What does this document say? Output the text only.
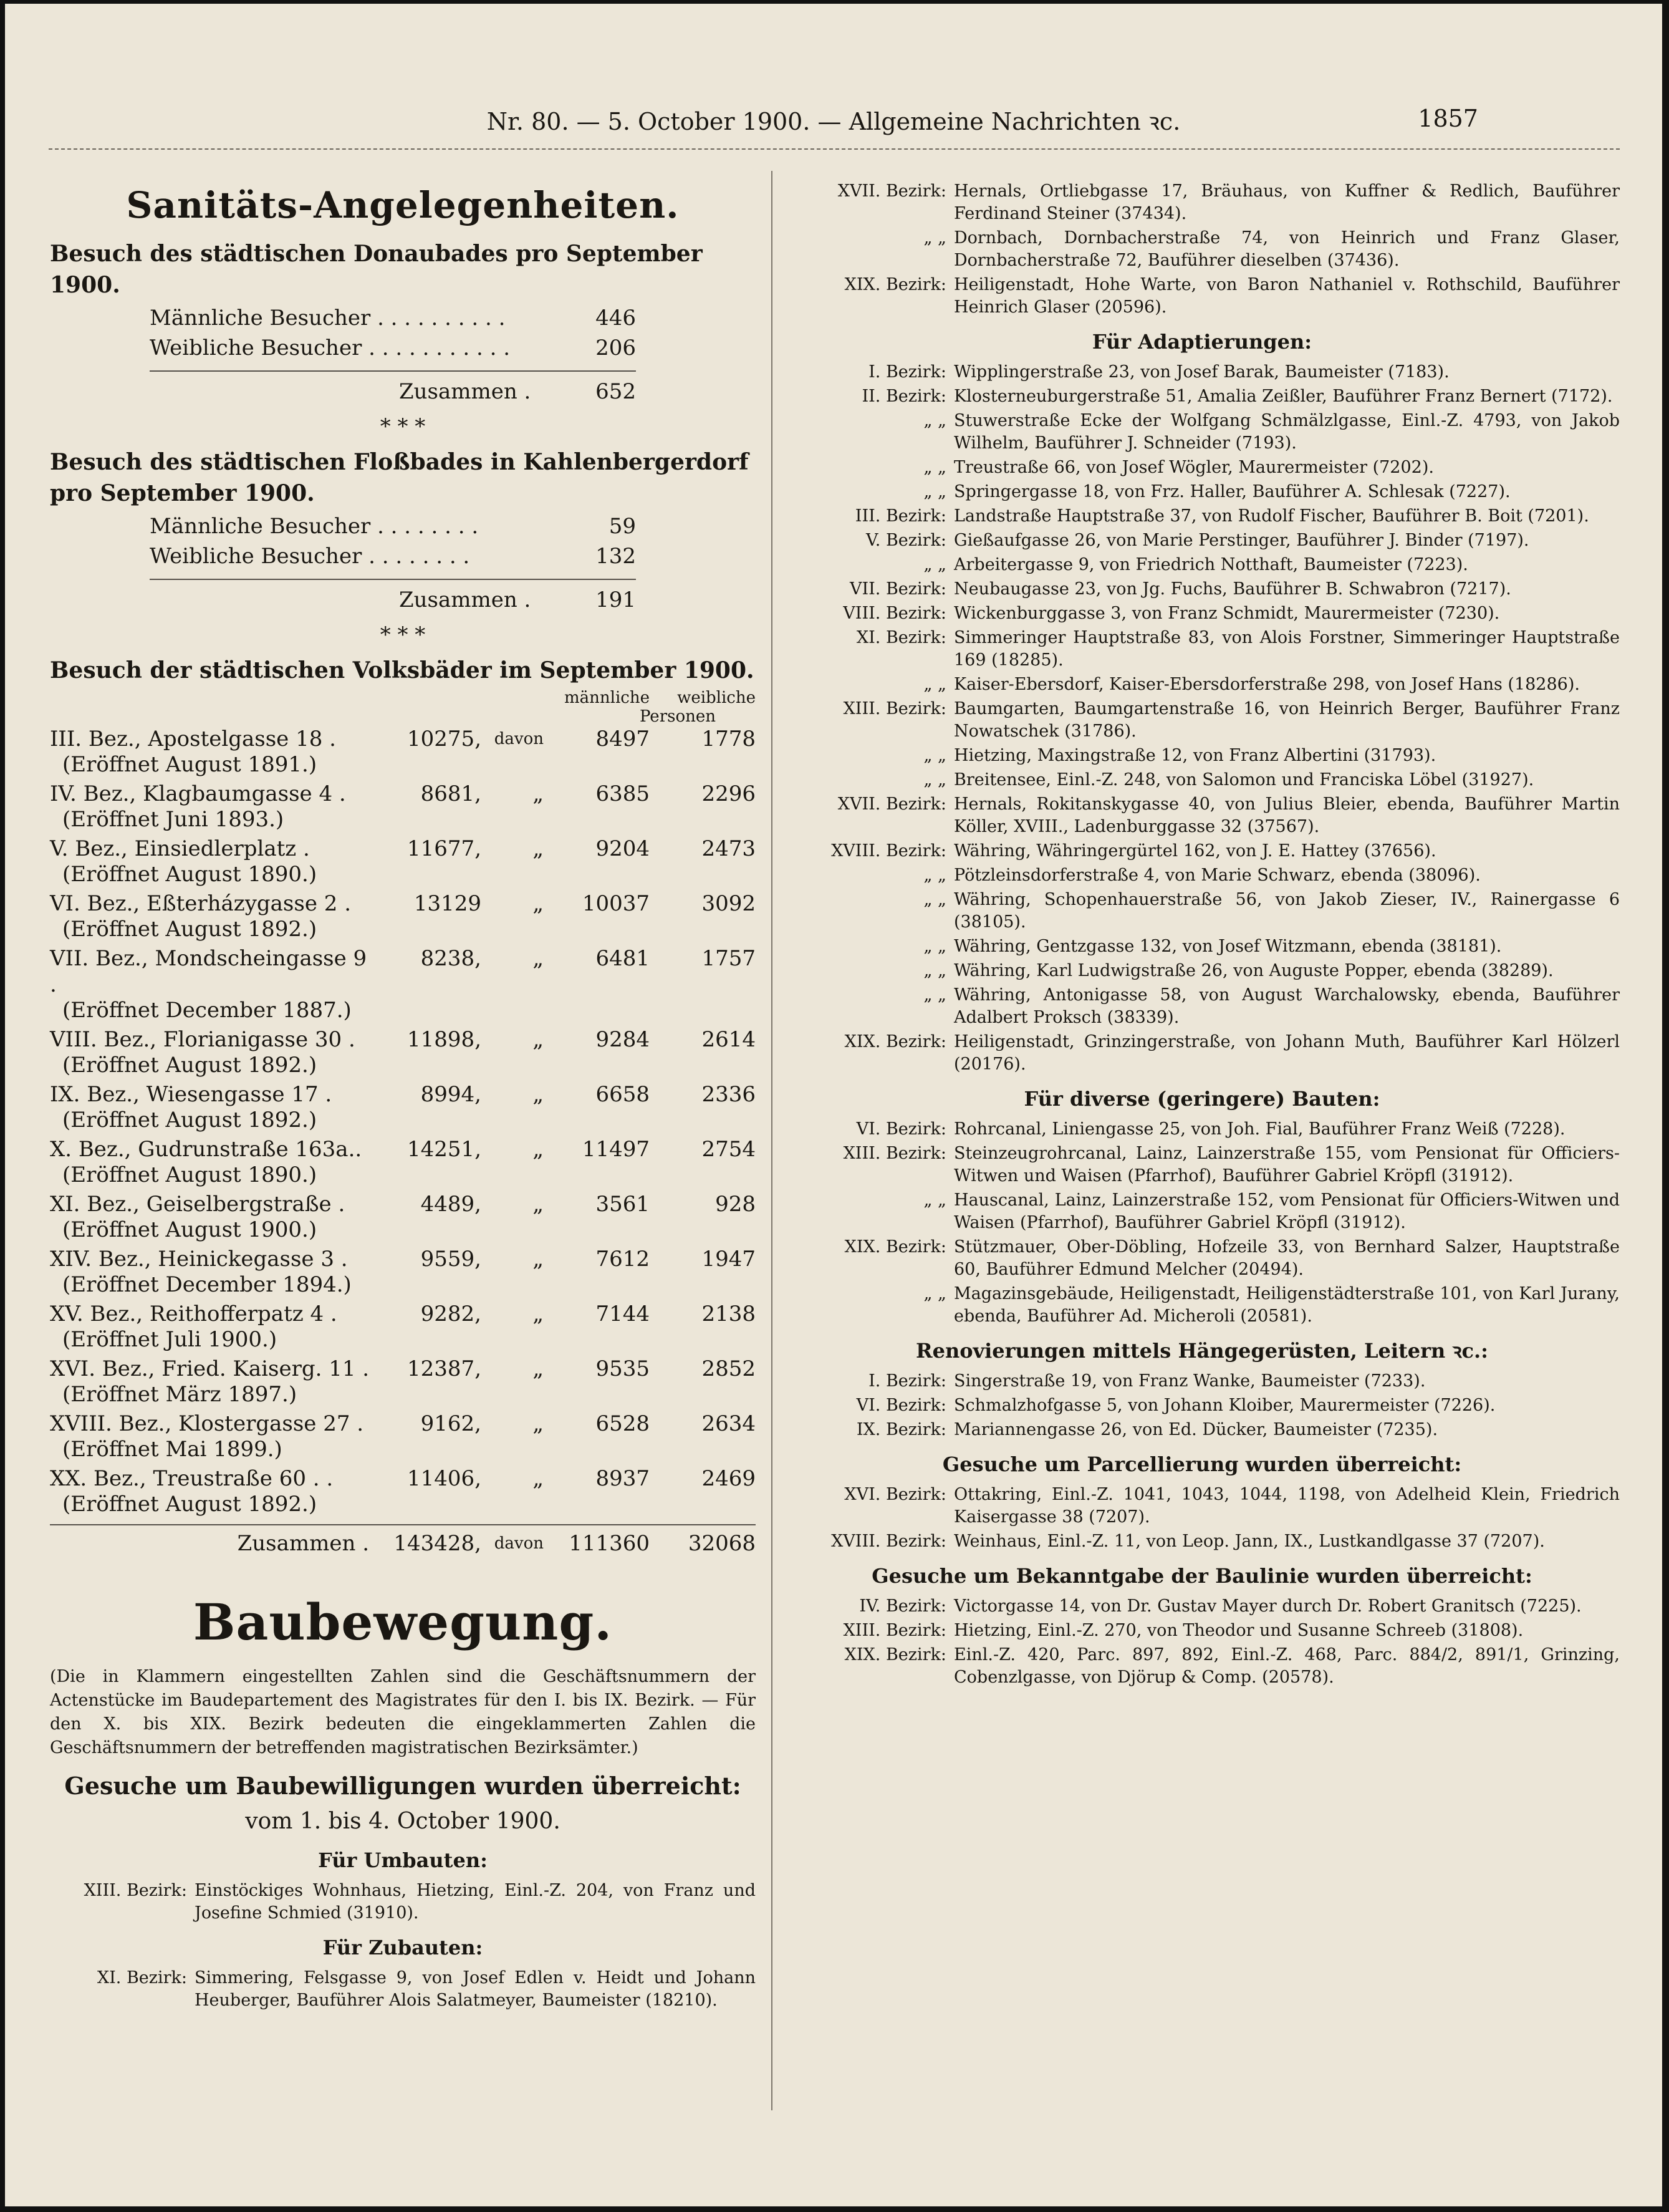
Nr. 80. — 5. October 1900. — Allgemeine Nachrichten ꝛc.	1857
Sanitäts-Angelegenheiten.
Besuch des städtischen Donaubades pro September 1900.
Männliche Besucher . . . . . . . . . .	446
Weibliche Besucher . . . . . . . . . . .	206
Zusammen .	652
* * *
Besuch des städtischen Floßbades in Kahlenbergerdorf pro September 1900.
Männliche Besucher . . . . . . . .	59
Weibliche Besucher . . . . . . . .	132
Zusammen .	191
* * *
Besuch der städtischen Volksbäder im September 1900.
männliche	weibliche
Personen
III. Bez., Apostelgasse 18 .	10275, davon	8497	1778
(Eröffnet August 1891.)
IV. Bez., Klagbaumgasse 4 .	8681,	„	6385	2296
(Eröffnet Juni 1893.)
V. Bez., Einsiedlerplatz .	11677,	„	9204	2473
(Eröffnet August 1890.)
VI. Bez., Eßterházygasse 2 .	13129	„	10037	3092
(Eröffnet August 1892.)
VII. Bez., Mondscheingasse 9 .
8238,	„	6481	1757
(Eröffnet December 1887.)
VIII. Bez., Florianigasse 30 .	11898,	„	9284	2614
(Eröffnet August 1892.)
IX. Bez., Wiesengasse 17 .	8994,	„	6658	2336
(Eröffnet August 1892.)
X. Bez., Gudrunstraße 163a..	14251,	„	11497	2754
(Eröffnet August 1890.)
XI. Bez., Geiselbergstraße .	4489,	„	3561	928
(Eröffnet August 1900.)
XIV. Bez., Heinickegasse 3 .	9559,	„	7612	1947
(Eröffnet December 1894.)
XV. Bez., Reithofferpatz 4 .	9282,	„	7144	2138
(Eröffnet Juli 1900.)
XVI. Bez., Fried. Kaiserg. 11 .	12387,	„	9535	2852
(Eröffnet März 1897.)
XVIII. Bez., Klostergasse 27 .	9162,	„	6528	2634
(Eröffnet Mai 1899.)
XX. Bez., Treustraße 60 . .	11406,	„	8937	2469
(Eröffnet August 1892.)
Zusammen .	143428, davon	111360	32068
Baubewegung.
(Die in Klammern eingestellten Zahlen sind die Geschäftsnummern der Actenstücke im Baudepartement des Magistrates für den I. bis IX. Bezirk. — Für den X. bis XIX. Bezirk bedeuten die eingeklammerten Zahlen die Geschäftsnummern der betreffenden magistratischen Bezirksämter.)
Gesuche um Baubewilligungen wurden überreicht:
vom 1. bis 4. October 1900.
Für Umbauten:
XIII. Bezirk: Einstöckiges Wohnhaus, Hietzing, Einl.-Z. 204, von Franz und Josefine Schmied (31910).
Für Zubauten:
XI. Bezirk: Simmering, Felsgasse 9, von Josef Edlen v. Heidt und Johann Heuberger, Bauführer Alois Salatmeyer, Baumeister (18210).
XVII. Bezirk: Hernals, Ortliebgasse 17, Bräuhaus, von Kuffner & Redlich, Bauführer Ferdinand Steiner (37434).
„ „ Dornbach, Dornbacherstraße 74, von Heinrich und Franz Glaser, Dornbacherstraße 72, Bauführer dieselben (37436).
XIX. Bezirk: Heiligenstadt, Hohe Warte, von Baron Nathaniel v. Rothschild, Bauführer Heinrich Glaser (20596).
Für Adaptierungen:
I. Bezirk: Wipplingerstraße 23, von Josef Barak, Baumeister (7183).
II. Bezirk: Klosterneuburgerstraße 51, Amalia Zeißler, Bauführer Franz Bernert (7172).
„ „ Stuwerstraße Ecke der Wolfgang Schmälzlgasse, Einl.-Z. 4793, von Jakob Wilhelm, Bauführer J. Schneider (7193).
„ „ Treustraße 66, von Josef Wögler, Maurermeister (7202).
„ „ Springergasse 18, von Frz. Haller, Bauführer A. Schlesak (7227).
III. Bezirk: Landstraße Hauptstraße 37, von Rudolf Fischer, Bauführer B. Boit (7201).
V. Bezirk: Gießaufgasse 26, von Marie Perstinger, Bauführer J. Binder (7197).
„ „ Arbeitergasse 9, von Friedrich Notthaft, Baumeister (7223).
VII. Bezirk: Neubaugasse 23, von Jg. Fuchs, Bauführer B. Schwabron (7217).
VIII. Bezirk: Wickenburggasse 3, von Franz Schmidt, Maurermeister (7230).
XI. Bezirk: Simmeringer Hauptstraße 83, von Alois Forstner, Simmeringer Hauptstraße 169 (18285).
„ „ Kaiser-Ebersdorf, Kaiser-Ebersdorferstraße 298, von Josef Hans (18286).
XIII. Bezirk: Baumgarten, Baumgartenstraße 16, von Heinrich Berger, Bauführer Franz Nowatschek (31786).
„ „ Hietzing, Maxingstraße 12, von Franz Albertini (31793).
„ „ Breitensee, Einl.-Z. 248, von Salomon und Franciska Löbel (31927).
XVII. Bezirk: Hernals, Rokitanskygasse 40, von Julius Bleier, ebenda, Bauführer Martin Köller, XVIII., Ladenburggasse 32 (37567).
XVIII. Bezirk: Währing, Währingergürtel 162, von J. E. Hattey (37656).
„ „ Pötzleinsdorferstraße 4, von Marie Schwarz, ebenda (38096).
„ „ Währing, Schopenhauerstraße 56, von Jakob Zieser, IV., Rainergasse 6 (38105).
„ „ Währing, Gentzgasse 132, von Josef Witzmann, ebenda (38181).
„ „ Währing, Karl Ludwigstraße 26, von Auguste Popper, ebenda (38289).
„ „ Währing, Antonigasse 58, von August Warchalowsky, ebenda, Bauführer Adalbert Proksch (38339).
XIX. Bezirk: Heiligenstadt, Grinzingerstraße, von Johann Muth, Bauführer Karl Hölzerl (20176).
Für diverse (geringere) Bauten:
VI. Bezirk: Rohrcanal, Liniengasse 25, von Joh. Fial, Bauführer Franz Weiß (7228).
XIII. Bezirk: Steinzeugrohrcanal, Lainz, Lainzerstraße 155, vom Pensionat für Officiers-Witwen und Waisen (Pfarrhof), Bauführer Gabriel Kröpfl (31912).
„ „ Hauscanal, Lainz, Lainzerstraße 152, vom Pensionat für Officiers-Witwen und Waisen (Pfarrhof), Bauführer Gabriel Kröpfl (31912).
XIX. Bezirk: Stützmauer, Ober-Döbling, Hofzeile 33, von Bernhard Salzer, Hauptstraße 60, Bauführer Edmund Melcher (20494).
„ „ Magazinsgebäude, Heiligenstadt, Heiligenstädterstraße 101, von Karl Jurany, ebenda, Bauführer Ad. Micheroli (20581).
Renovierungen mittels Hängegerüsten, Leitern ꝛc.:
I. Bezirk: Singerstraße 19, von Franz Wanke, Baumeister (7233).
VI. Bezirk: Schmalzhofgasse 5, von Johann Kloiber, Maurermeister (7226).
IX. Bezirk: Mariannengasse 26, von Ed. Dücker, Baumeister (7235).
Gesuche um Parcellierung wurden überreicht:
XVI. Bezirk: Ottakring, Einl.-Z. 1041, 1043, 1044, 1198, von Adelheid Klein, Friedrich Kaisergasse 38 (7207).
XVIII. Bezirk: Weinhaus, Einl.-Z. 11, von Leop. Jann, IX., Lustkandlgasse 37 (7207).
Gesuche um Bekanntgabe der Baulinie wurden überreicht:
IV. Bezirk: Victorgasse 14, von Dr. Gustav Mayer durch Dr. Robert Granitsch (7225).
XIII. Bezirk: Hietzing, Einl.-Z. 270, von Theodor und Susanne Schreeb (31808).
XIX. Bezirk: Einl.-Z. 420, Parc. 897, 892, Einl.-Z. 468, Parc. 884/2, 891/1, Grinzing, Cobenzlgasse, von Djörup & Comp. (20578).
